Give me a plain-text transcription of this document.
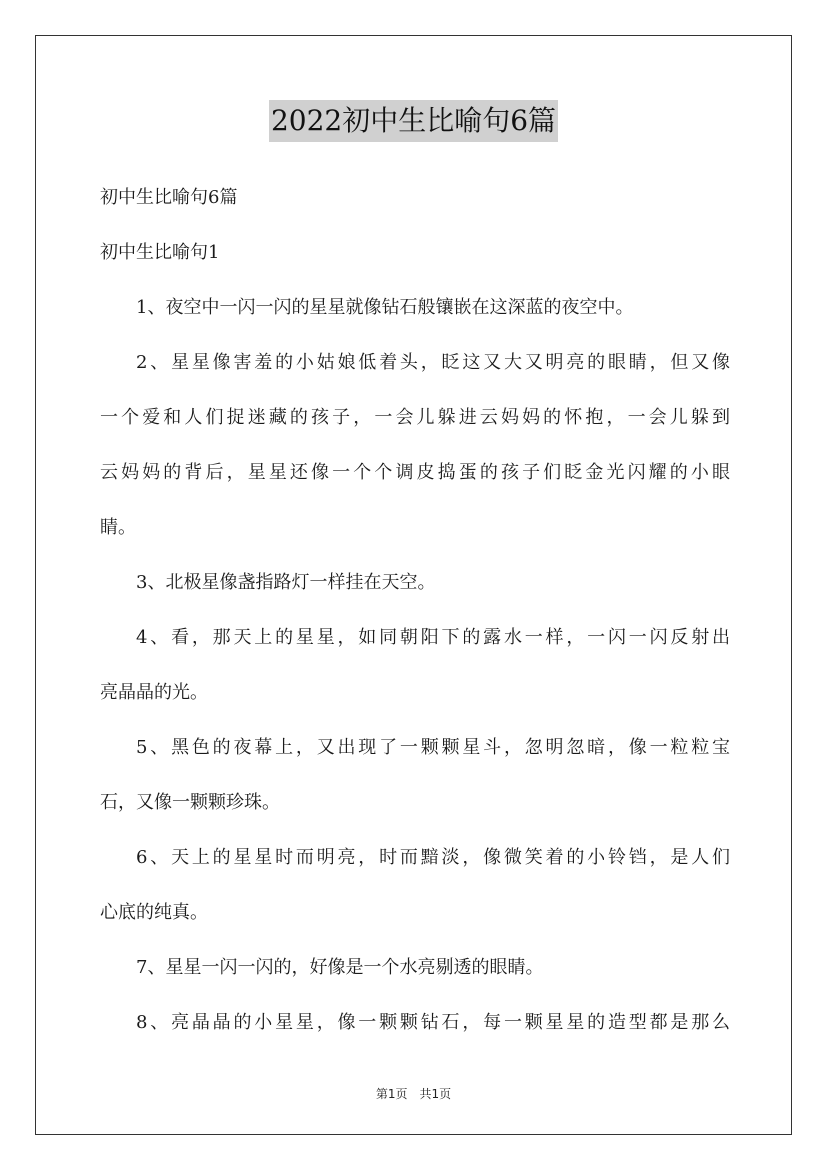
2022初中生比喻句6篇
初中生比喻句6篇
初中生比喻句1
1、夜空中一闪一闪的星星就像钻石般镶嵌在这深蓝的夜空中。
2、星星像害羞的小姑娘低着头，眨这又大又明亮的眼睛，但又像
一个爱和人们捉迷藏的孩子，一会儿躲进云妈妈的怀抱，一会儿躲到
云妈妈的背后，星星还像一个个调皮捣蛋的孩子们眨金光闪耀的小眼
睛。
3、北极星像盏指路灯一样挂在天空。
4、看，那天上的星星，如同朝阳下的露水一样，一闪一闪反射出
亮晶晶的光。
5、黑色的夜幕上，又出现了一颗颗星斗，忽明忽暗，像一粒粒宝
石，又像一颗颗珍珠。
6、天上的星星时而明亮，时而黯淡，像微笑着的小铃铛，是人们
心底的纯真。
7、星星一闪一闪的，好像是一个水亮剔透的眼睛。
8、亮晶晶的小星星，像一颗颗钻石，每一颗星星的造型都是那么
第1页 共1页
